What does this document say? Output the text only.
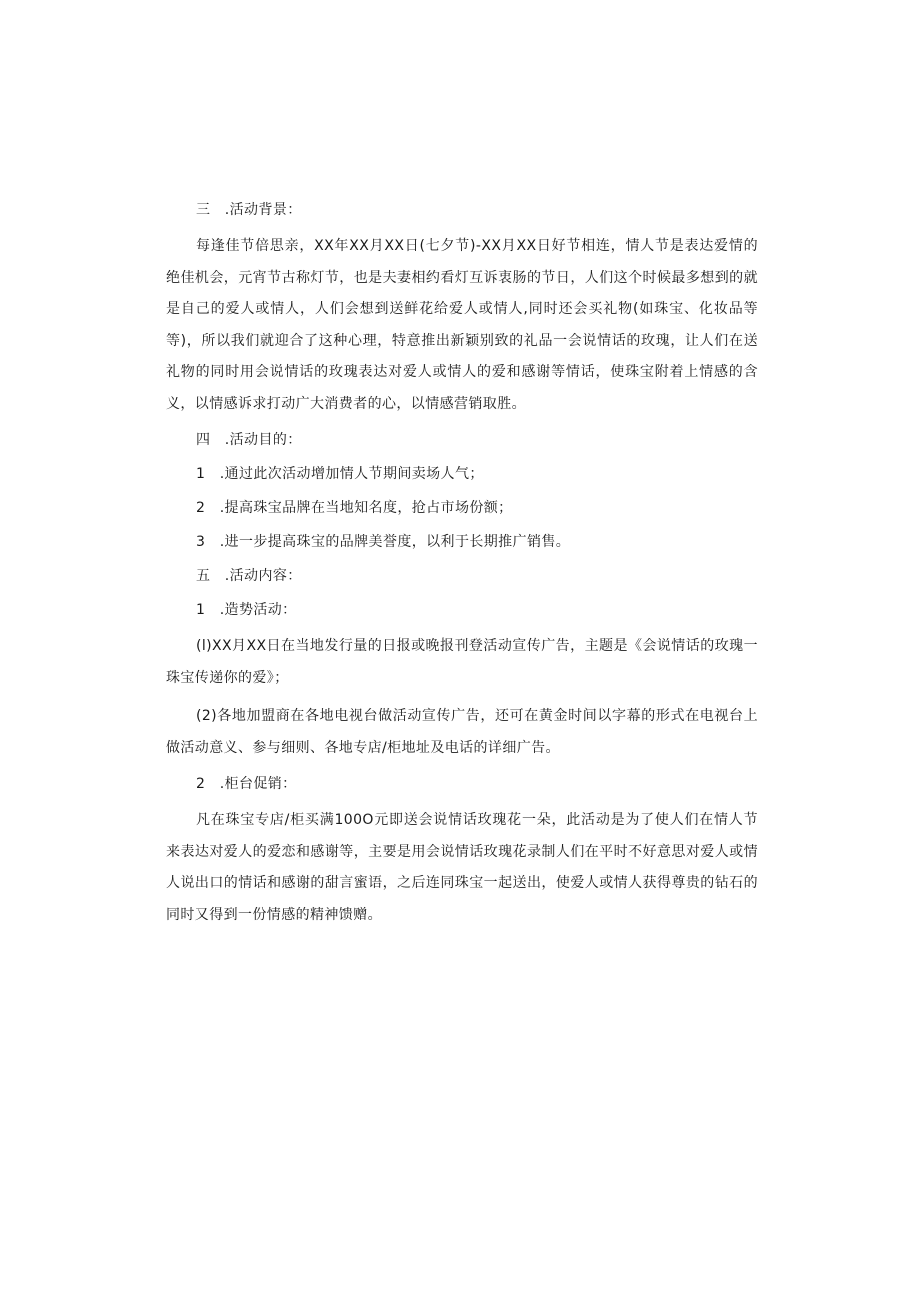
三　.活动背景：

每逢佳节倍思亲，XX年XX月XX日(七夕节)-XX月XX日好节相连，情人节是表达爱情的绝佳机会，元宵节古称灯节，也是夫妻相约看灯互诉衷肠的节日，人们这个时候最多想到的就是自己的爱人或情人，人们会想到送鲜花给爱人或情人,同时还会买礼物(如珠宝、化妆品等等)，所以我们就迎合了这种心理，特意推出新颖别致的礼品一会说情话的玫瑰，让人们在送礼物的同时用会说情话的玫瑰表达对爱人或情人的爱和感谢等情话，使珠宝附着上情感的含义，以情感诉求打动广大消费者的心，以情感营销取胜。

四　.活动目的：

1　.通过此次活动增加情人节期间卖场人气；

2　.提高珠宝品牌在当地知名度，抢占市场份额；

3　.进一步提高珠宝的品牌美誉度，以利于长期推广销售。

五　.活动内容：

1　.造势活动：

(l)XX月XX日在当地发行量的日报或晚报刊登活动宣传广告，主题是《会说情话的玫瑰一珠宝传递你的爱》；

(2)各地加盟商在各地电视台做活动宣传广告，还可在黄金时间以字幕的形式在电视台上做活动意义、参与细则、各地专店/柜地址及电话的详细广告。

2　.柜台促销：

凡在珠宝专店/柜买满100O元即送会说情话玫瑰花一朵，此活动是为了使人们在情人节来表达对爱人的爱恋和感谢等，主要是用会说情话玫瑰花录制人们在平时不好意思对爱人或情人说出口的情话和感谢的甜言蜜语，之后连同珠宝一起送出，使爱人或情人获得尊贵的钻石的同时又得到一份情感的精神馈赠。
